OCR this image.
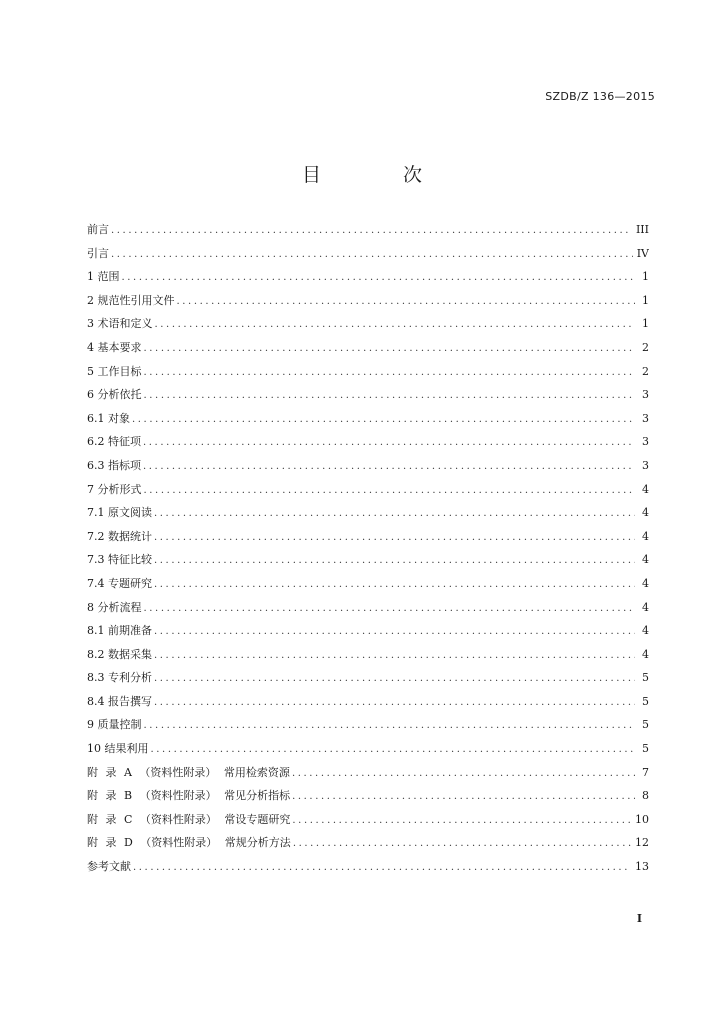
SZDB/Z 136—2015
目 次
前言 .....	III
引言 .....	IV
1 范围 .....	1
2 规范性引用文件 .....	1
3 术语和定义 .....	1
4 基本要求 .....	2
5 工作目标 .....	2
6 分析依托 .....	3
6.1 对象 .....	3
6.2 特征项 .....	3
6.3 指标项 .....	3
7 分析形式 .....	4
7.1 原文阅读 .....	4
7.2 数据统计 .....	4
7.3 特征比较 .....	4
7.4 专题研究 .....	4
8 分析流程 .....	4
8.1 前期准备 .....	4
8.2 数据采集 .....	4
8.3 专利分析 .....	5
8.4 报告撰写 .....	5
9 质量控制 .....	5
10 结果利用 .....	5
附 录 A （资料性附录） 常用检索资源 .....	7
附 录 B （资料性附录） 常见分析指标 .....	8
附 录 C （资料性附录） 常设专题研究 .....	10
附 录 D （资料性附录） 常规分析方法 .....	12
参考文献 .....	13
I
